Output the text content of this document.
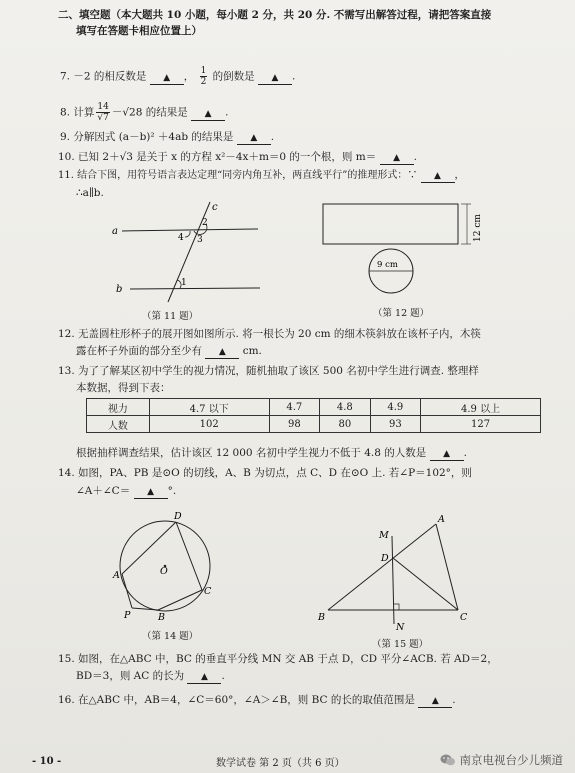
二、填空题（本大题共 10 小题，每小题 2 分，共 20 分. 不需写出解答过程，请把答案直接
填写在答题卡相应位置上）
7. －2 的相反数是 ▲ ， $\frac{1}{2}$ 的倒数是 ▲ .
8. 计算 $\frac{14}{√7} -√28$ 的结果是 ▲ .
9. 分解因式 (a－b)² ＋4ab 的结果是 ▲ .
10. 已知 2＋√3 是关于 x 的方程 x²－4x＋m＝0 的一个根，则 m＝ ▲ .
11. 结合下图，用符号语言表达定理“同旁内角互补，两直线平行”的推理形式：∵ ▲ ，
∴a∥b.
a
b
c
2
4 3
1
（第 11 题）
12 cm
9 cm
（第 12 题）
12. 无盖圆柱形杯子的展开图如图所示. 将一根长为 20 cm 的细木筷斜放在该杯子内，木筷
露在杯子外面的部分至少有 ▲ cm.
13. 为了了解某区初中学生的视力情况，随机抽取了该区 500 名初中学生进行调查. 整理样
本数据，得到下表：
视力	4.7 以下	4.7	4.8	4.9	4.9 以上
人数	102	98	80	93	127
根据抽样调查结果，估计该区 12 000 名初中学生视力不低于 4.8 的人数是 ▲ .
14. 如图，PA、PB 是⊙O 的切线，A、B 为切点，点 C、D 在⊙O 上. 若∠P＝102°，则
∠A＋∠C＝ ▲ °.
D
A	O
C
P	B
（第 14 题）
M
A
D
B
N
C
（第 15 题）
15. 如图，在△ABC 中，BC 的垂直平分线 MN 交 AB 于点 D，CD 平分∠ACB. 若 AD＝2，
BD＝3，则 AC 的长为 ▲ .
16. 在△ABC 中，AB＝4，∠C＝60°，∠A＞∠B，则 BC 的长的取值范围是 ▲ .
- 10 -	数学试卷 第 2 页（共 6 页）	南京电视台少儿频道
